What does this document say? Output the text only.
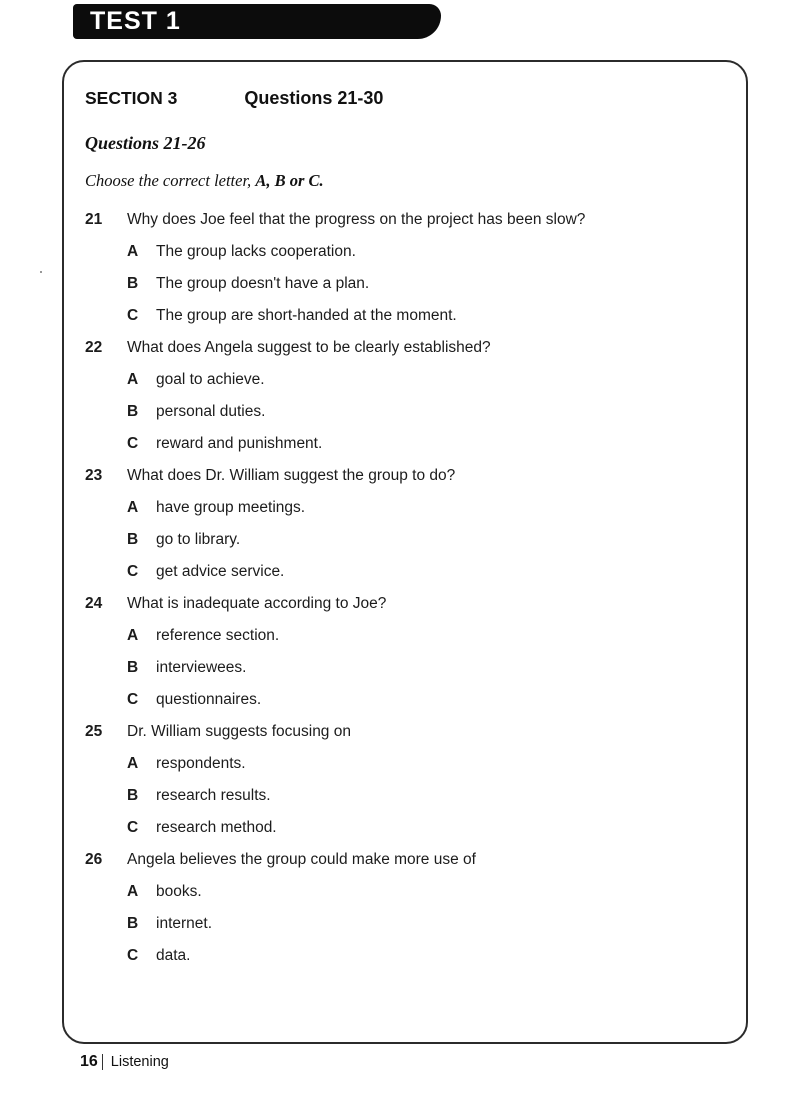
TEST 1
SECTION 3	Questions 21-30
Questions 21-26
Choose the correct letter, A, B or C.
21	Why does Joe feel that the progress on the project has been slow?
A	The group lacks cooperation.
B	The group doesn't have a plan.
C	The group are short-handed at the moment.
22	What does Angela suggest to be clearly established?
A	goal to achieve.
B	personal duties.
C	reward and punishment.
23	What does Dr. William suggest the group to do?
A	have group meetings.
B	go to library.
C	get advice service.
24	What is inadequate according to Joe?
A	reference section.
B	interviewees.
C	questionnaires.
25	Dr. William suggests focusing on
A	respondents.
B	research results.
C	research method.
26	Angela believes the group could make more use of
A	books.
B	internet.
C	data.
16 Listening
